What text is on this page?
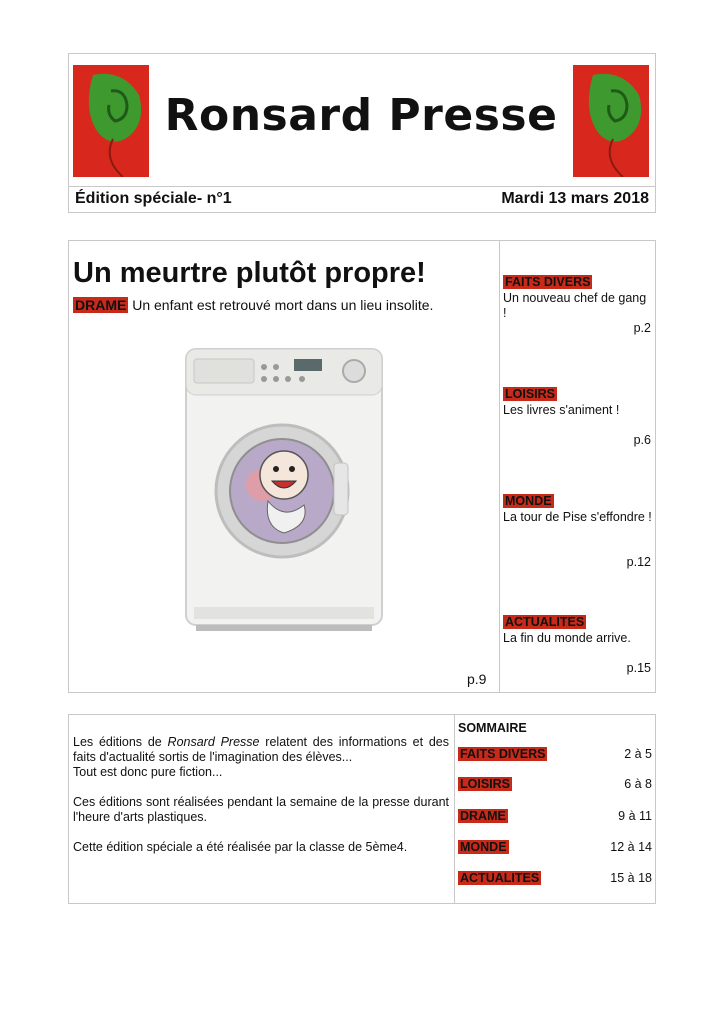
Ronsard Presse
Édition spéciale- n°1	Mardi 13 mars 2018
Un meurtre plutôt propre!
DRAME Un enfant est retrouvé mort dans un lieu insolite.
p.9
FAITS DIVERS
Un nouveau chef de gang !
p.2
LOISIRS
Les livres s'animent !
p.6
MONDE
La tour de Pise s'effondre !
p.12
ACTUALITES
La fin du monde arrive.
p.15

Les éditions de Ronsard Presse relatent des informations et des faits d'actualité sortis de l'imagination des élèves...
Tout est donc pure fiction...

Ces éditions sont réalisées pendant la semaine de la presse durant l'heure d'arts plastiques.

Cette édition spéciale a été réalisée par la classe de 5ème4.

SOMMAIRE
FAITS DIVERS	2 à 5
LOISIRS	6 à 8
DRAME	9 à 11
MONDE	12 à 14
ACTUALITES	15 à 18
